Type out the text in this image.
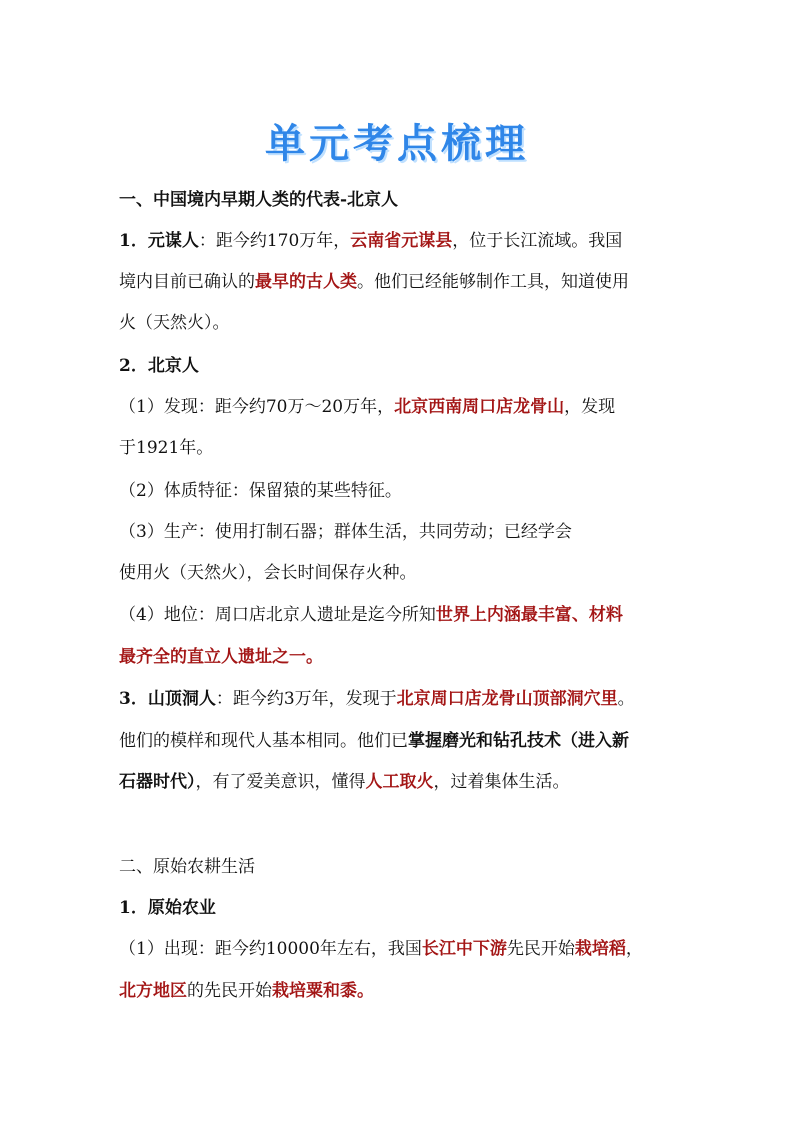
单元考点梳理
一、中国境内早期人类的代表-北京人
1．元谋人：距今约170万年，云南省元谋县，位于长江流域。我国
境内目前已确认的最早的古人类。他们已经能够制作工具，知道使用
火（天然火）。
2．北京人
（1）发现：距今约70万～20万年，北京西南周口店龙骨山，发现
于1921年。
（2）体质特征：保留猿的某些特征。
（3）生产：使用打制石器；群体生活，共同劳动；已经学会
使用火（天然火），会长时间保存火种。
（4）地位：周口店北京人遗址是迄今所知世界上内涵最丰富、材料
最齐全的直立人遗址之一。
3．山顶洞人：距今约3万年，发现于北京周口店龙骨山顶部洞穴里。
他们的模样和现代人基本相同。他们已掌握磨光和钻孔技术（进入新
石器时代），有了爱美意识，懂得人工取火，过着集体生活。
二、原始农耕生活
1．原始农业
（1）出现：距今约10000年左右，我国长江中下游先民开始栽培稻，
北方地区的先民开始栽培粟和黍。
